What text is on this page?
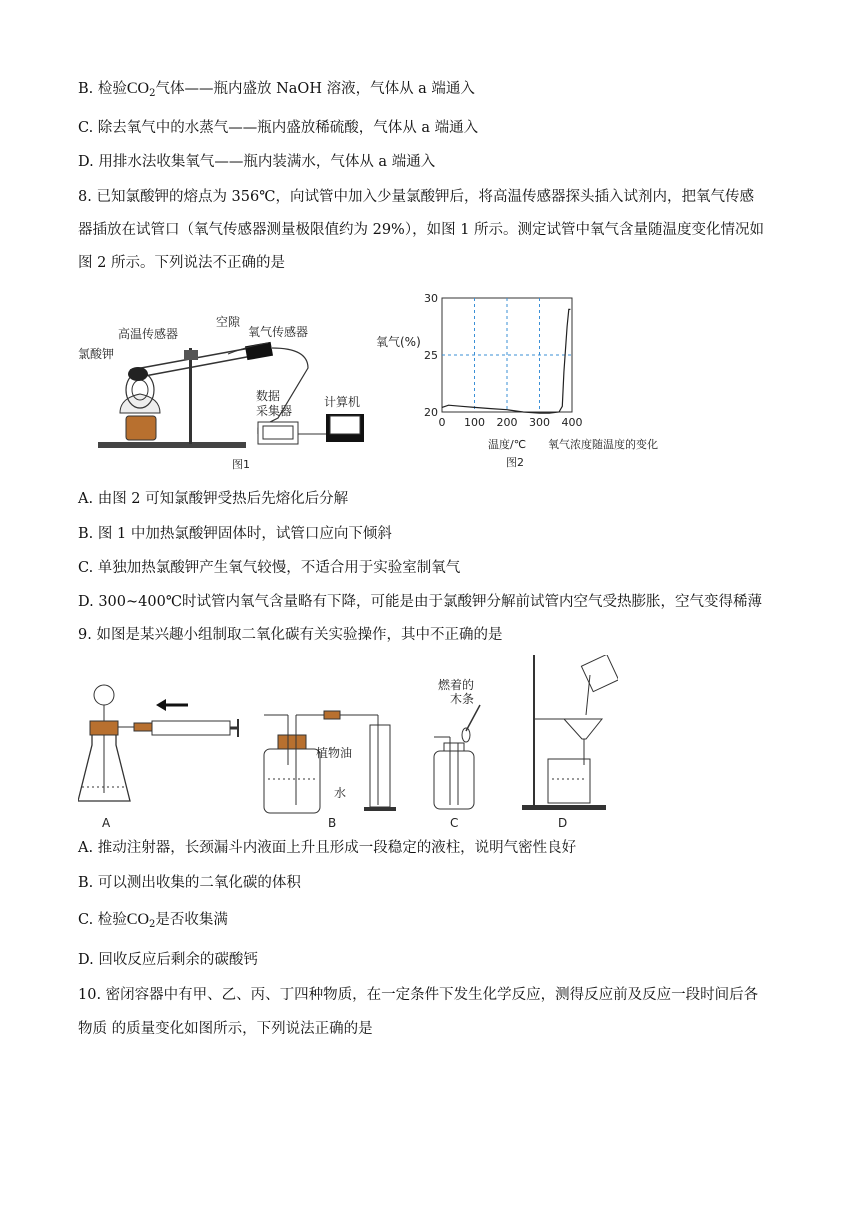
B. 检验$CO_2$气体——瓶内盛放 NaOH 溶液，气体从 a 端通入
C. 除去氧气中的水蒸气——瓶内盛放稀硫酸，气体从 a 端通入
D. 用排水法收集氧气——瓶内装满水，气体从 a 端通入
8. 已知氯酸钾的熔点为 356℃，向试管中加入少量氯酸钾后，将高温传感器探头插入试剂内，把氧气传感
器插放在试管口（氧气传感器测量极限值约为 29%），如图 1 所示。测定试管中氧气含量随温度变化情况如
图 2 所示。下列说法不正确的是
高温传感器
空隙
氧气传感器
氯酸钾
数据
采集器
计算机
图1
0 100 200 300 400
20
25
30
氧气(%)
温度/℃ 氧气浓度随温度的变化
图2
A. 由图 2 可知氯酸钾受热后先熔化后分解
B. 图 1 中加热氯酸钾固体时，试管口应向下倾斜
C. 单独加热氯酸钾产生氧气较慢，不适合用于实验室制氧气
D. 300~400℃时试管内氧气含量略有下降，可能是由于氯酸钾分解前试管内空气受热膨胀，空气变得稀薄
9. 如图是某兴趣小组制取二氧化碳有关实验操作，其中不正确的是
A
植物油
水
B
燃着的
木条
C	D
A. 推动注射器，长颈漏斗内液面上升且形成一段稳定的液柱，说明气密性良好
B. 可以测出收集的二氧化碳的体积
C. 检验$CO_2$是否收集满
D. 回收反应后剩余的碳酸钙
10. 密闭容器中有甲、乙、丙、丁四种物质，在一定条件下发生化学反应，测得反应前及反应一段时间后各
物质 的质量变化如图所示，下列说法正确的是
